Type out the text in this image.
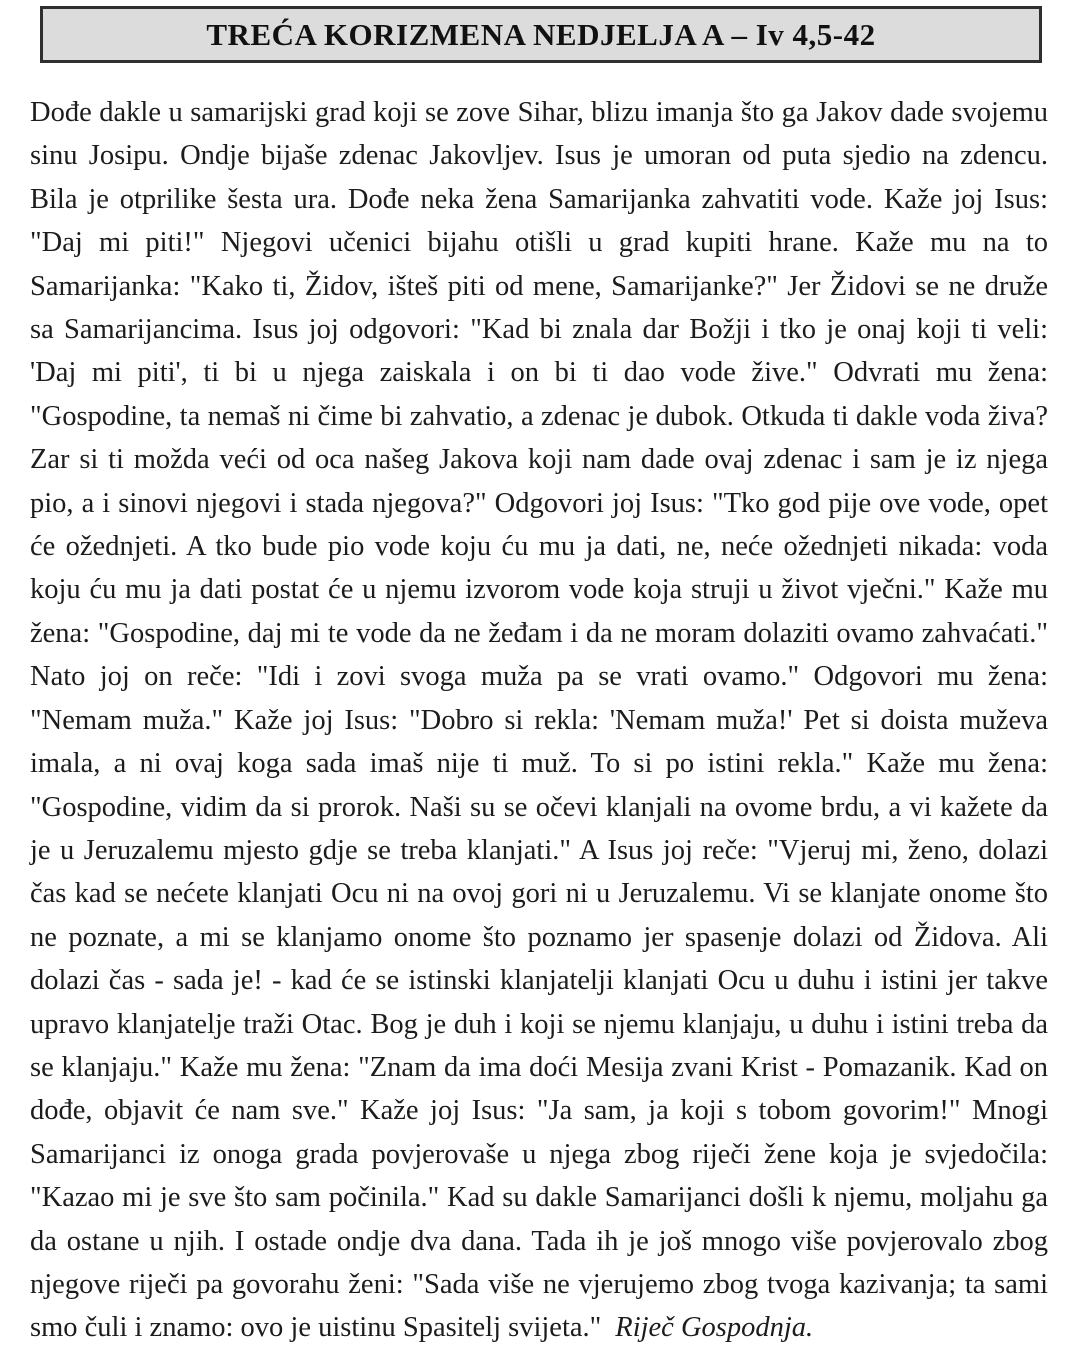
TREĆA KORIZMENA NEDJELJA A – Iv 4,5-42

Dođe dakle u samarijski grad koji se zove Sihar, blizu imanja što ga Jakov dade svojemu sinu Josipu. Ondje bijaše zdenac Jakovljev. Isus je umoran od puta sjedio na zdencu. Bila je otprilike šesta ura. Dođe neka žena Samarijanka zahvatiti vode. Kaže joj Isus: "Daj mi piti!" Njegovi učenici bijahu otišli u grad kupiti hrane. Kaže mu na to Samarijanka: "Kako ti, Židov, išteš piti od mene, Samarijanke?" Jer Židovi se ne druže sa Samarijancima. Isus joj odgovori: "Kad bi znala dar Božji i tko je onaj koji ti veli: 'Daj mi piti', ti bi u njega zaiskala i on bi ti dao vode žive." Odvrati mu žena: "Gospodine, ta nemaš ni čime bi zahvatio, a zdenac je dubok. Otkuda ti dakle voda živa? Zar si ti možda veći od oca našeg Jakova koji nam dade ovaj zdenac i sam je iz njega pio, a i sinovi njegovi i stada njegova?" Odgovori joj Isus: "Tko god pije ove vode, opet će ožednjeti. A tko bude pio vode koju ću mu ja dati, ne, neće ožednjeti nikada: voda koju ću mu ja dati postat će u njemu izvorom vode koja struji u život vječni." Kaže mu žena: "Gospodine, daj mi te vode da ne žeđam i da ne moram dolaziti ovamo zahvaćati." Nato joj on reče: "Idi i zovi svoga muža pa se vrati ovamo." Odgovori mu žena: "Nemam muža." Kaže joj Isus: "Dobro si rekla: 'Nemam muža!' Pet si doista muževa imala, a ni ovaj koga sada imaš nije ti muž. To si po istini rekla." Kaže mu žena: "Gospodine, vidim da si prorok. Naši su se očevi klanjali na ovome brdu, a vi kažete da je u Jeruzalemu mjesto gdje se treba klanjati." A Isus joj reče: "Vjeruj mi, ženo, dolazi čas kad se nećete klanjati Ocu ni na ovoj gori ni u Jeruzalemu. Vi se klanjate onome što ne poznate, a mi se klanjamo onome što poznamo jer spasenje dolazi od Židova. Ali dolazi čas - sada je! - kad će se istinski klanjatelji klanjati Ocu u duhu i istini jer takve upravo klanjatelje traži Otac. Bog je duh i koji se njemu klanjaju, u duhu i istini treba da se klanjaju." Kaže mu žena: "Znam da ima doći Mesija zvani Krist - Pomazanik. Kad on dođe, objavit će nam sve." Kaže joj Isus: "Ja sam, ja koji s tobom govorim!" Mnogi Samarijanci iz onoga grada povjerovaše u njega zbog riječi žene koja je svjedočila: "Kazao mi je sve što sam počinila." Kad su dakle Samarijanci došli k njemu, moljahu ga da ostane u njih. I ostade ondje dva dana. Tada ih je još mnogo više povjerovalo zbog njegove riječi pa govorahu ženi: "Sada više ne vjerujemo zbog tvoga kazivanja; ta sami smo čuli i znamo: ovo je uistinu Spasitelj svijeta." Riječ Gospodnja.
